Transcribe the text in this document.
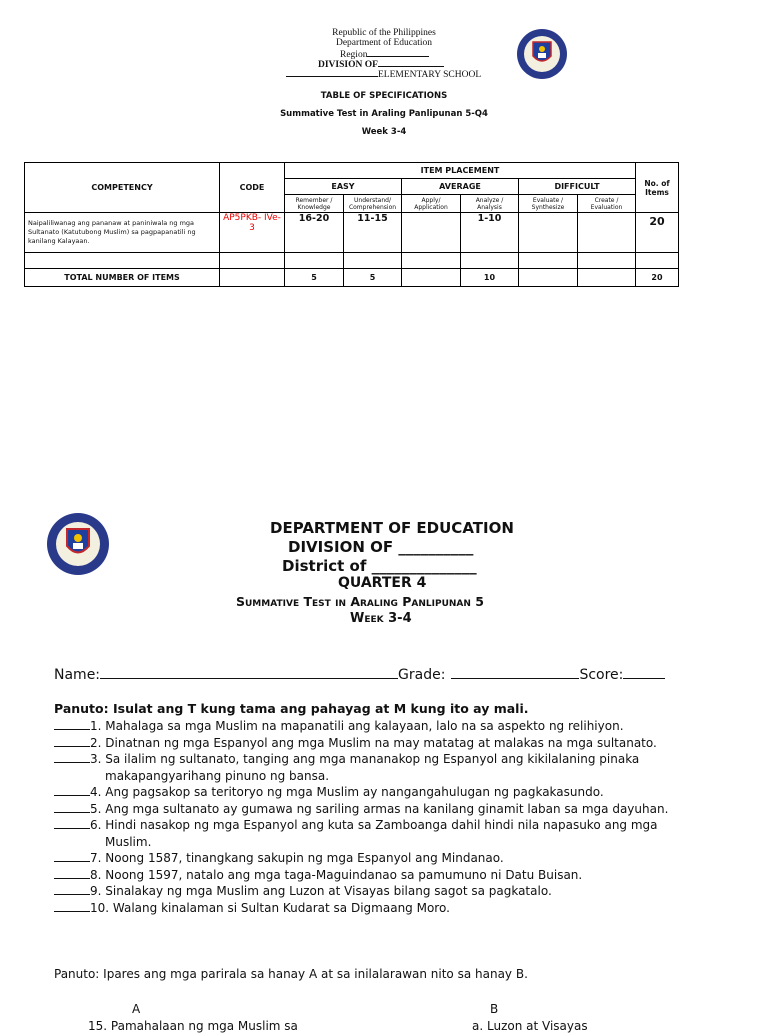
Republic of the Philippines
Department of Education
Region
DIVISION OF
ELEMENTARY SCHOOL
TABLE OF SPECIFICATIONS
Summative Test in Araling Panlipunan 5-Q4
Week 3-4
COMPETENCY	CODE	ITEM PLACEMENT						No. of Items
		EASY		AVERAGE		DIFFICULT		
		Remember / Knowledge	Understand/ Comprehension	Apply/ Application	Analyze / Analysis	Evaluate / Synthesize	Create / Evaluation	
Naipaliliwanag ang pananaw at paniniwala ng mga Sultanato (Katutubong Muslim) sa pagpapanatili ng kanilang Kalayaan.	AP5PKB- IVe-3	16-20	11-15		1-10			20

TOTAL NUMBER OF ITEMS		5	5		10			20
DEPARTMENT OF EDUCATION
DIVISION OF __________
District of ______________
QUARTER 4
Summative Test in Araling Panlipunan 5
Week 3-4
Name:	Grade:	Score:
Panuto: Isulat ang T kung tama ang pahayag at M kung ito ay mali.
1. Mahalaga sa mga Muslim na mapanatili ang kalayaan, lalo na sa aspekto ng relihiyon.
2. Dinatnan ng mga Espanyol ang mga Muslim na may matatag at malakas na mga sultanato.
3. Sa ilalim ng sultanato, tanging ang mga mananakop ng Espanyol ang kikilalaning pinaka
makapangyarihang pinuno ng bansa.
4. Ang pagsakop sa teritoryo ng mga Muslim ay nangangahulugan ng pagkakasundo.
5. Ang mga sultanato ay gumawa ng sariling armas na kanilang ginamit laban sa mga dayuhan.
6. Hindi nasakop ng mga Espanyol ang kuta sa Zamboanga dahil hindi nila napasuko ang mga
Muslim.
7. Noong 1587, tinangkang sakupin ng mga Espanyol ang Mindanao.
8. Noong 1597, natalo ang mga taga-Maguindanao sa pamumuno ni Datu Buisan.
9. Sinalakay ng mga Muslim ang Luzon at Visayas bilang sagot sa pagkatalo.
10. Walang kinalaman si Sultan Kudarat sa Digmaang Moro.
Panuto: Ipares ang mga parirala sa hanay A at sa inilalarawan nito sa hanay B.
A	B
15. Pamahalaan ng mga Muslim sa	a. Luzon at Visayas
